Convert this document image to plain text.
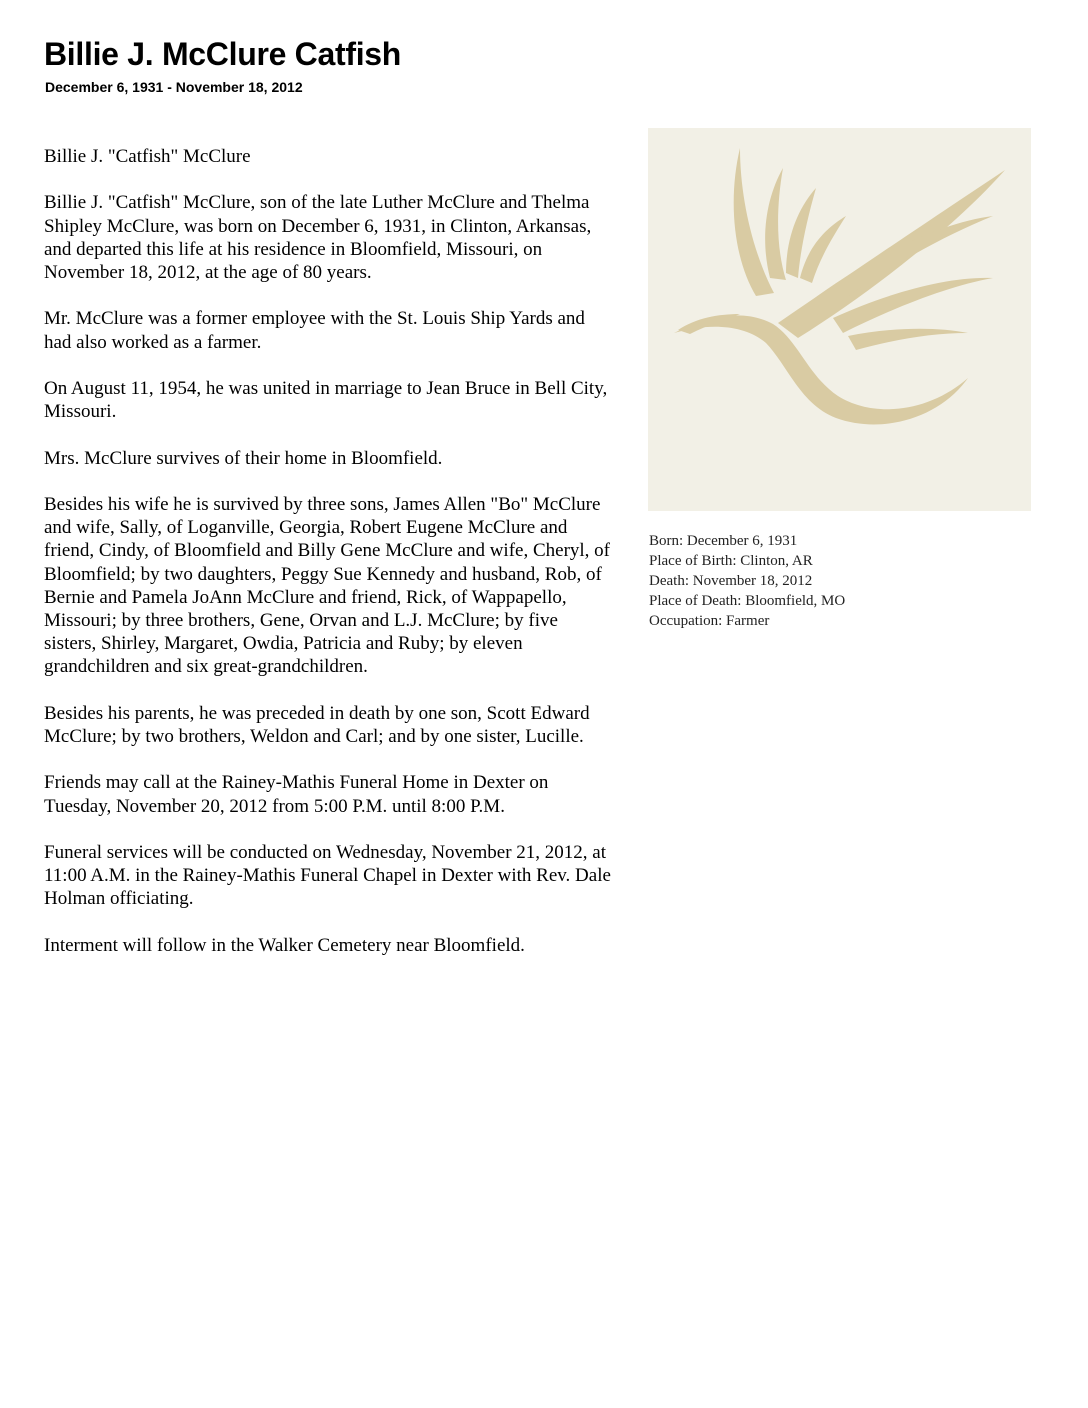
Billie J. McClure Catfish
December 6, 1931 - November 18, 2012

Billie J. "Catfish" McClure

Billie J. "Catfish" McClure, son of the late Luther McClure and Thelma Shipley McClure, was born on December 6, 1931, in Clinton, Arkansas, and departed this life at his residence in Bloomfield, Missouri, on November 18, 2012, at the age of 80 years.

Mr. McClure was a former employee with the St. Louis Ship Yards and had also worked as a farmer.

On August 11, 1954, he was united in marriage to Jean Bruce in Bell City, Missouri.

Mrs. McClure survives of their home in Bloomfield.

Besides his wife he is survived by three sons, James Allen "Bo" McClure and wife, Sally, of Loganville, Georgia, Robert Eugene McClure and friend, Cindy, of Bloomfield and Billy Gene McClure and wife, Cheryl, of Bloomfield; by two daughters, Peggy Sue Kennedy and husband, Rob, of Bernie and Pamela JoAnn McClure and friend, Rick, of Wappapello, Missouri; by three brothers, Gene, Orvan and L.J. McClure; by five sisters, Shirley, Margaret, Owdia, Patricia and Ruby; by eleven grandchildren and six great-grandchildren.

Besides his parents, he was preceded in death by one son, Scott Edward McClure; by two brothers, Weldon and Carl; and by one sister, Lucille.

Friends may call at the Rainey-Mathis Funeral Home in Dexter on Tuesday, November 20, 2012 from 5:00 P.M. until 8:00 P.M.

Funeral services will be conducted on Wednesday, November 21, 2012, at 11:00 A.M. in the Rainey-Mathis Funeral Chapel in Dexter with Rev. Dale Holman officiating.

Interment will follow in the Walker Cemetery near Bloomfield.

Born: December 6, 1931
Place of Birth: Clinton, AR
Death: November 18, 2012
Place of Death: Bloomfield, MO
Occupation: Farmer
